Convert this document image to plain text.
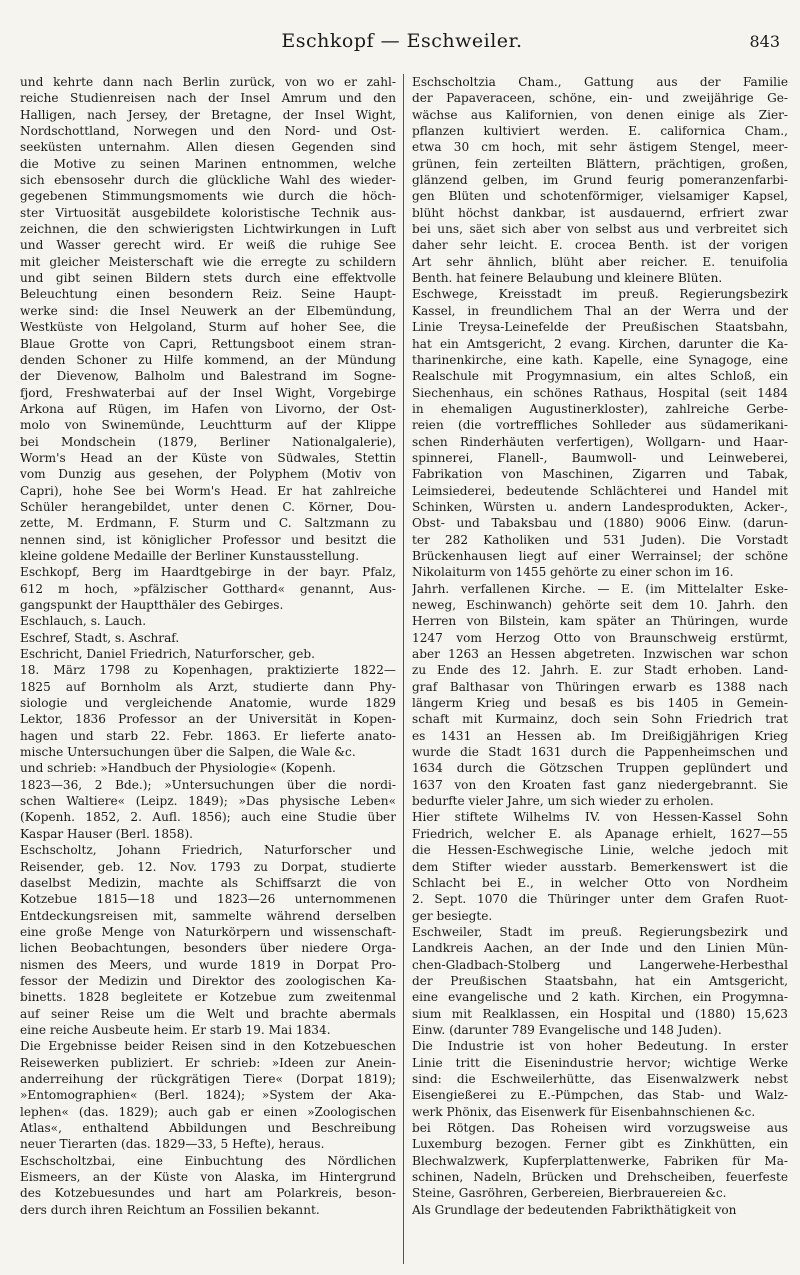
Eschkopf — Eschweiler.	843
und kehrte dann nach Berlin zurück, von wo er zahl-
reiche Studienreisen nach der Insel Amrum und den
Halligen, nach Jersey, der Bretagne, der Insel Wight,
Nordschottland, Norwegen und den Nord- und Ost-
seeküsten unternahm. Allen diesen Gegenden sind
die Motive zu seinen Marinen entnommen, welche
sich ebensosehr durch die glückliche Wahl des wieder-
gegebenen Stimmungsmoments wie durch die höch-
ster Virtuosität ausgebildete koloristische Technik aus-
zeichnen, die den schwierigsten Lichtwirkungen in Luft
und Wasser gerecht wird. Er weiß die ruhige See
mit gleicher Meisterschaft wie die erregte zu schildern
und gibt seinen Bildern stets durch eine effektvolle
Beleuchtung einen besondern Reiz. Seine Haupt-
werke sind: die Insel Neuwerk an der Elbemündung,
Westküste von Helgoland, Sturm auf hoher See, die
Blaue Grotte von Capri, Rettungsboot einem stran-
denden Schoner zu Hilfe kommend, an der Mündung
der Dievenow, Balholm und Balestrand im Sogne-
fjord, Freshwaterbai auf der Insel Wight, Vorgebirge
Arkona auf Rügen, im Hafen von Livorno, der Ost-
molo von Swinemünde, Leuchtturm auf der Klippe
bei Mondschein (1879, Berliner Nationalgalerie),
Worm's Head an der Küste von Südwales, Stettin
vom Dunzig aus gesehen, der Polyphem (Motiv von
Capri), hohe See bei Worm's Head. Er hat zahlreiche
Schüler herangebildet, unter denen C. Körner, Dou-
zette, M. Erdmann, F. Sturm und C. Saltzmann zu
nennen sind, ist königlicher Professor und besitzt die
kleine goldene Medaille der Berliner Kunstausstellung.
Eschkopf, Berg im Haardtgebirge in der bayr. Pfalz,
612 m hoch, »pfälzischer Gotthard« genannt, Aus-
gangspunkt der Hauptthäler des Gebirges.
Eschlauch, s. Lauch.
Eschref, Stadt, s. Aschraf.
Eschricht, Daniel Friedrich, Naturforscher, geb.
18. März 1798 zu Kopenhagen, praktizierte 1822—
1825 auf Bornholm als Arzt, studierte dann Phy-
siologie und vergleichende Anatomie, wurde 1829
Lektor, 1836 Professor an der Universität in Kopen-
hagen und starb 22. Febr. 1863. Er lieferte anato-
mische Untersuchungen über die Salpen, die Wale &c.
und schrieb: »Handbuch der Physiologie« (Kopenh.
1823—36, 2 Bde.); »Untersuchungen über die nordi-
schen Waltiere« (Leipz. 1849); »Das physische Leben«
(Kopenh. 1852, 2. Aufl. 1856); auch eine Studie über
Kaspar Hauser (Berl. 1858).
Eschscholtz, Johann Friedrich, Naturforscher und
Reisender, geb. 12. Nov. 1793 zu Dorpat, studierte
daselbst Medizin, machte als Schiffsarzt die von
Kotzebue 1815—18 und 1823—26 unternommenen
Entdeckungsreisen mit, sammelte während derselben
eine große Menge von Naturkörpern und wissenschaft-
lichen Beobachtungen, besonders über niedere Orga-
nismen des Meers, und wurde 1819 in Dorpat Pro-
fessor der Medizin und Direktor des zoologischen Ka-
binetts. 1828 begleitete er Kotzebue zum zweitenmal
auf seiner Reise um die Welt und brachte abermals
eine reiche Ausbeute heim. Er starb 19. Mai 1834.
Die Ergebnisse beider Reisen sind in den Kotzebueschen
Reisewerken publiziert. Er schrieb: »Ideen zur Anein-
anderreihung der rückgrätigen Tiere« (Dorpat 1819);
»Entomographien« (Berl. 1824); »System der Aka-
lephen« (das. 1829); auch gab er einen »Zoologischen
Atlas«, enthaltend Abbildungen und Beschreibung
neuer Tierarten (das. 1829—33, 5 Hefte), heraus.
Eschscholtzbai, eine Einbuchtung des Nördlichen
Eismeers, an der Küste von Alaska, im Hintergrund
des Kotzebuesundes und hart am Polarkreis, beson-
ders durch ihren Reichtum an Fossilien bekannt.
Eschscholtzia Cham., Gattung aus der Familie
der Papaveraceen, schöne, ein- und zweijährige Ge-
wächse aus Kalifornien, von denen einige als Zier-
pflanzen kultiviert werden. E. californica Cham.,
etwa 30 cm hoch, mit sehr ästigem Stengel, meer-
grünen, fein zerteilten Blättern, prächtigen, großen,
glänzend gelben, im Grund feurig pomeranzenfarbi-
gen Blüten und schotenförmiger, vielsamiger Kapsel,
blüht höchst dankbar, ist ausdauernd, erfriert zwar
bei uns, säet sich aber von selbst aus und verbreitet sich
daher sehr leicht. E. crocea Benth. ist der vorigen
Art sehr ähnlich, blüht aber reicher. E. tenuifolia
Benth. hat feinere Belaubung und kleinere Blüten.
Eschwege, Kreisstadt im preuß. Regierungsbezirk
Kassel, in freundlichem Thal an der Werra und der
Linie Treysa-Leinefelde der Preußischen Staatsbahn,
hat ein Amtsgericht, 2 evang. Kirchen, darunter die Ka-
tharinenkirche, eine kath. Kapelle, eine Synagoge, eine
Realschule mit Progymnasium, ein altes Schloß, ein
Siechenhaus, ein schönes Rathaus, Hospital (seit 1484
in ehemaligen Augustinerkloster), zahlreiche Gerbe-
reien (die vortreffliches Sohlleder aus südamerikani-
schen Rinderhäuten verfertigen), Wollgarn- und Haar-
spinnerei, Flanell-, Baumwoll- und Leinweberei,
Fabrikation von Maschinen, Zigarren und Tabak,
Leimsiederei, bedeutende Schlächterei und Handel mit
Schinken, Würsten u. andern Landesprodukten, Acker-,
Obst- und Tabaksbau und (1880) 9006 Einw. (darun-
ter 282 Katholiken und 531 Juden). Die Vorstadt
Brückenhausen liegt auf einer Werrainsel; der schöne
Nikolaiturm von 1455 gehörte zu einer schon im 16.
Jahrh. verfallenen Kirche. — E. (im Mittelalter Eske-
neweg, Eschinwanch) gehörte seit dem 10. Jahrh. den
Herren von Bilstein, kam später an Thüringen, wurde
1247 vom Herzog Otto von Braunschweig erstürmt,
aber 1263 an Hessen abgetreten. Inzwischen war schon
zu Ende des 12. Jahrh. E. zur Stadt erhoben. Land-
graf Balthasar von Thüringen erwarb es 1388 nach
längerm Krieg und besaß es bis 1405 in Gemein-
schaft mit Kurmainz, doch sein Sohn Friedrich trat
es 1431 an Hessen ab. Im Dreißigjährigen Krieg
wurde die Stadt 1631 durch die Pappenheimschen und
1634 durch die Götzschen Truppen geplündert und
1637 von den Kroaten fast ganz niedergebrannt. Sie
bedurfte vieler Jahre, um sich wieder zu erholen.
Hier stiftete Wilhelms IV. von Hessen-Kassel Sohn
Friedrich, welcher E. als Apanage erhielt, 1627—55
die Hessen-Eschwegische Linie, welche jedoch mit
dem Stifter wieder ausstarb. Bemerkenswert ist die
Schlacht bei E., in welcher Otto von Nordheim
2. Sept. 1070 die Thüringer unter dem Grafen Ruot-
ger besiegte.
Eschweiler, Stadt im preuß. Regierungsbezirk und
Landkreis Aachen, an der Inde und den Linien Mün-
chen-Gladbach-Stolberg und Langerwehe-Herbesthal
der Preußischen Staatsbahn, hat ein Amtsgericht,
eine evangelische und 2 kath. Kirchen, ein Progymna-
sium mit Realklassen, ein Hospital und (1880) 15,623
Einw. (darunter 789 Evangelische und 148 Juden).
Die Industrie ist von hoher Bedeutung. In erster
Linie tritt die Eisenindustrie hervor; wichtige Werke
sind: die Eschweilerhütte, das Eisenwalzwerk nebst
Eisengießerei zu E.-Pümpchen, das Stab- und Walz-
werk Phönix, das Eisenwerk für Eisenbahnschienen &c.
bei Rötgen. Das Roheisen wird vorzugsweise aus
Luxemburg bezogen. Ferner gibt es Zinkhütten, ein
Blechwalzwerk, Kupferplattenwerke, Fabriken für Ma-
schinen, Nadeln, Brücken und Drehscheiben, feuerfeste
Steine, Gasröhren, Gerbereien, Bierbrauereien &c.
Als Grundlage der bedeutenden Fabrikthätigkeit von
